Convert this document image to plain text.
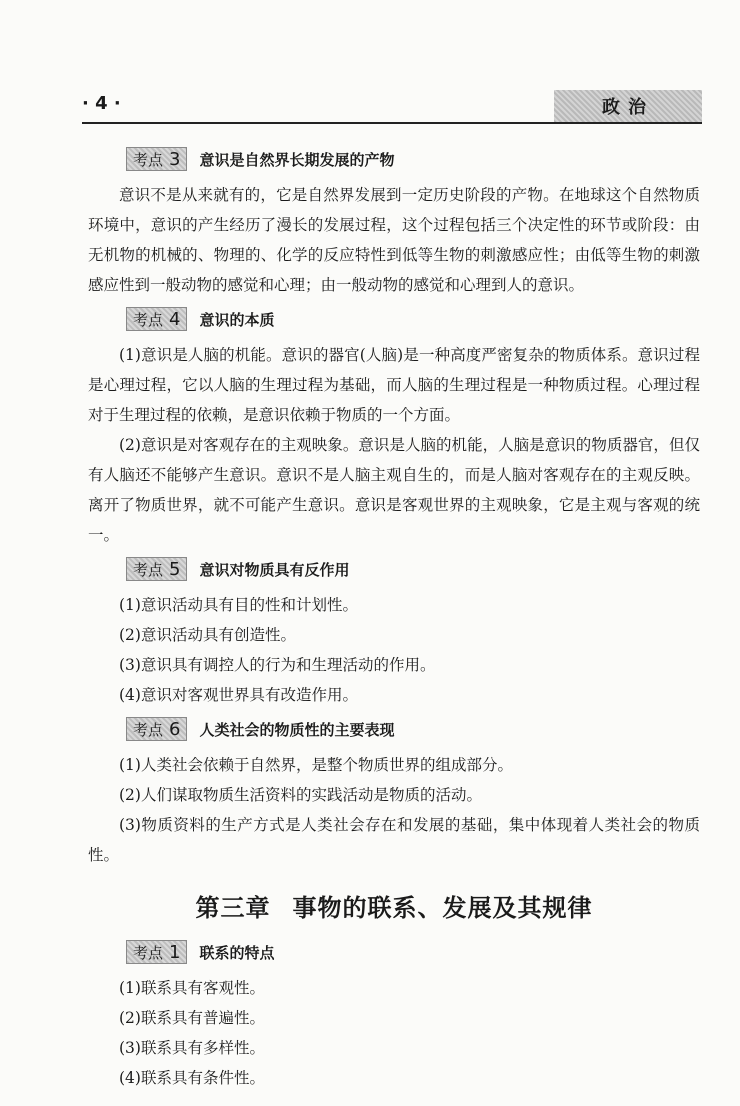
· 4 ·	政治
考点 3 意识是自然界长期发展的产物

意识不是从来就有的，它是自然界发展到一定历史阶段的产物。在地球这个自然物质环境中，意识的产生经历了漫长的发展过程，这个过程包括三个决定性的环节或阶段：由无机物的机械的、物理的、化学的反应特性到低等生物的刺激感应性；由低等生物的刺激感应性到一般动物的感觉和心理；由一般动物的感觉和心理到人的意识。

考点 4 意识的本质

(1)意识是人脑的机能。意识的器官(人脑)是一种高度严密复杂的物质体系。意识过程是心理过程，它以人脑的生理过程为基础，而人脑的生理过程是一种物质过程。心理过程对于生理过程的依赖，是意识依赖于物质的一个方面。

(2)意识是对客观存在的主观映象。意识是人脑的机能，人脑是意识的物质器官，但仅有人脑还不能够产生意识。意识不是人脑主观自生的，而是人脑对客观存在的主观反映。离开了物质世界，就不可能产生意识。意识是客观世界的主观映象，它是主观与客观的统一。

考点 5 意识对物质具有反作用

(1)意识活动具有目的性和计划性。

(2)意识活动具有创造性。

(3)意识具有调控人的行为和生理活动的作用。

(4)意识对客观世界具有改造作用。

考点 6 人类社会的物质性的主要表现

(1)人类社会依赖于自然界，是整个物质世界的组成部分。

(2)人们谋取物质生活资料的实践活动是物质的活动。

(3)物质资料的生产方式是人类社会存在和发展的基础，集中体现着人类社会的物质性。

第三章 事物的联系、发展及其规律
考点 1 联系的特点

(1)联系具有客观性。

(2)联系具有普遍性。

(3)联系具有多样性。

(4)联系具有条件性。
